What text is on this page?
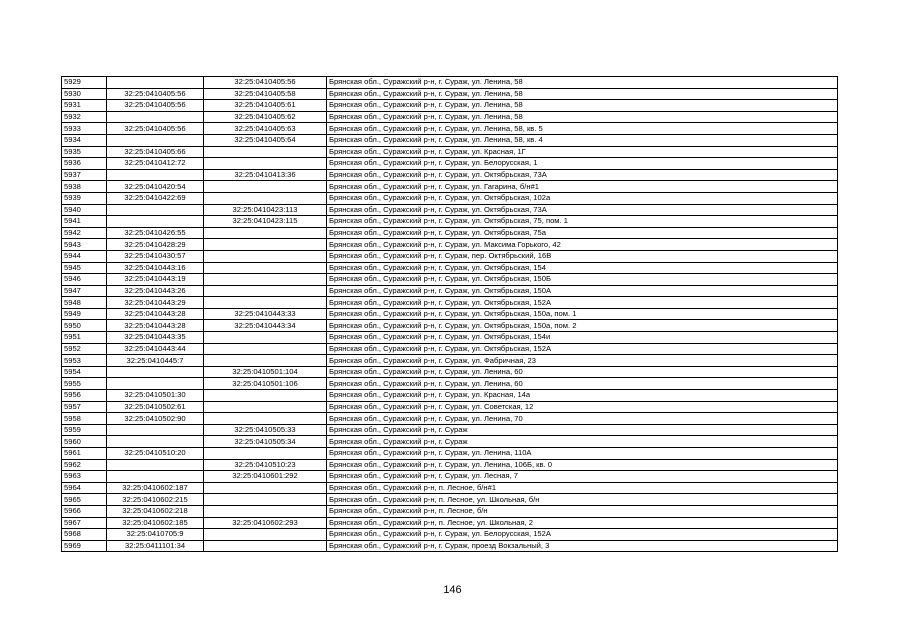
5929		32:25:0410405:56	Брянская обл., Суражский р-н, г. Сураж, ул. Ленина, 58
5930	32:25:0410405:56	32:25:0410405:58	Брянская обл., Суражский р-н, г. Сураж, ул. Ленина, 58
5931	32:25:0410405:56	32:25:0410405:61	Брянская обл., Суражский р-н, г. Сураж, ул. Ленина, 58
5932		32:25:0410405:62	Брянская обл., Суражский р-н, г. Сураж, ул. Ленина, 58
5933	32:25:0410405:56	32:25:0410405:63	Брянская обл., Суражский р-н, г. Сураж, ул. Ленина, 58, кв. 5
5934		32:25:0410405:64	Брянская обл., Суражский р-н, г. Сураж, ул. Ленина, 58, кв. 4
5935	32:25:0410405:66		Брянская обл., Суражский р-н, г. Сураж, ул. Красная, 1Г
5936	32:25:0410412:72		Брянская обл., Суражский р-н, г. Сураж, ул. Белорусская, 1
5937		32:25:0410413:36	Брянская обл., Суражский р-н, г. Сураж, ул. Октябрьская, 73А
5938	32:25:0410420:54		Брянская обл., Суражский р-н, г. Сураж, ул. Гагарина, б/н#1
5939	32:25:0410422:69		Брянская обл., Суражский р-н, г. Сураж, ул. Октябрьская, 102а
5940		32:25:0410423:113	Брянская обл., Суражский р-н, г. Сураж, ул. Октябрьская, 73А
5941		32:25:0410423:115	Брянская обл., Суражский р-н, г. Сураж, ул. Октябрьская, 75, пом. 1
5942	32:25:0410426:55		Брянская обл., Суражский р-н, г. Сураж, ул. Октябрьская, 75а
5943	32:25:0410428:29		Брянская обл., Суражский р-н, г. Сураж, ул. Максима Горького, 42
5944	32:25:0410430:57		Брянская обл., Суражский р-н, г. Сураж, пер. Октябрьский, 16В
5945	32:25:0410443:16		Брянская обл., Суражский р-н, г. Сураж, ул. Октябрьская, 154
5946	32:25:0410443:19		Брянская обл., Суражский р-н, г. Сураж, ул. Октябрьская, 150Б
5947	32:25:0410443:26		Брянская обл., Суражский р-н, г. Сураж, ул. Октябрьская, 150А
5948	32:25:0410443:29		Брянская обл., Суражский р-н, г. Сураж, ул. Октябрьская, 152А
5949	32:25:0410443:28	32:25:0410443:33	Брянская обл., Суражский р-н, г. Сураж, ул. Октябрьская, 150а, пом. 1
5950	32:25:0410443:28	32:25:0410443:34	Брянская обл., Суражский р-н, г. Сураж, ул. Октябрьская, 150а, пом. 2
5951	32:25:0410443:35		Брянская обл., Суражский р-н, г. Сураж, ул. Октябрьская, 154и
5952	32:25:0410443:44		Брянская обл., Суражский р-н, г. Сураж, ул. Октябрьская, 152А
5953	32:25:0410445:7		Брянская обл., Суражский р-н, г. Сураж, ул. Фабричная, 23
5954		32:25:0410501:104	Брянская обл., Суражский р-н, г. Сураж, ул. Ленина, 60
5955		32:25:0410501:106	Брянская обл., Суражский р-н, г. Сураж, ул. Ленина, 60
5956	32:25:0410501:30		Брянская обл., Суражский р-н, г. Сураж, ул. Красная, 14а
5957	32:25:0410502:61		Брянская обл., Суражский р-н, г. Сураж, ул. Советская, 12
5958	32:25:0410502:90		Брянская обл., Суражский р-н, г. Сураж, ул. Ленина, 70
5959		32:25:0410505:33	Брянская обл., Суражский р-н, г. Сураж
5960		32:25:0410505:34	Брянская обл., Суражский р-н, г. Сураж
5961	32:25:0410510:20		Брянская обл., Суражский р-н, г. Сураж, ул. Ленина, 110А
5962		32:25:0410510:23	Брянская обл., Суражский р-н, г. Сураж, ул. Ленина, 106Б, кв. 0
5963		32:25:0410601:292	Брянская обл., Суражский р-н, г. Сураж, ул. Лесная, 7
5964	32:25:0410602:187		Брянская обл., Суражский р-н, п. Лесное, б/н#1
5965	32:25:0410602:215		Брянская обл., Суражский р-н, п. Лесное, ул. Школьная, б/н
5966	32:25:0410602:218		Брянская обл., Суражский р-н, п. Лесное, б/н
5967	32:25:0410602:185	32:25:0410602:293	Брянская обл., Суражский р-н, п. Лесное, ул. Школьная, 2
5968	32:25:0410705:9		Брянская обл., Суражский р-н, г. Сураж, ул. Белорусская, 152А
5969	32:25:0411101:34		Брянская обл., Суражский р-н, г. Сураж, проезд Вокзальный, 3
146
